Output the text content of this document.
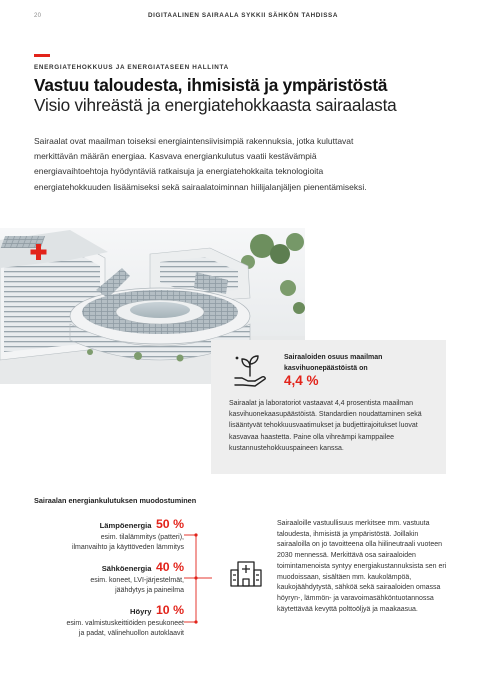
20	DIGITAALINEN SAIRAALA SYKKII SÄHKÖN TAHDISSA
ENERGIATEHOKKUUS JA ENERGIATASEEN HALLINTA
Vastuu taloudesta, ihmisistä ja ympäristöstä
Visio vihreästä ja energiatehokkaasta sairaalasta

Sairaalat ovat maailman toiseksi energiaintensiivisimpiä rakennuksia, jotka kuluttavat merkittävän määrän energiaa. Kasvava energiankulutus vaatii kestävämpiä energiavaihtoehtoja hyödyntäviä ratkaisuja ja energiatehokkaita teknologioita energiatehokkuuden lisäämiseksi sekä sairaalatoiminnan hiilijalanjäljen pienentämiseksi.

Sairaaloiden osuus maailman kasvihuonepäästöistä on
4,4 %
Sairaalat ja laboratoriot vastaavat 4,4 prosentista maailman kasvihuonekaasupäästöistä. Standardien noudattaminen sekä lisääntyvät tehokkuusvaatimukset ja budjettirajoitukset luovat kasvavaa haastetta. Paine olla vihreämpi kamppailee kustannustehokkuuspaineen kanssa.
Sairaalan energiankulutuksen muodostuminen
Lämpöenergia 50 %
esim. tilalämmitys (patteri),
ilmanvaihto ja käyttöveden lämmitys
Sähköenergia 40 %
esim. koneet, LVI-järjestelmät,
jäähdytys ja paineilma
Höyry 10 %
esim. valmistuskeittiöiden pesukoneet
ja padat, välinehuollon autoklaavit
Sairaaloille vastuullisuus merkitsee mm. vastuuta taloudesta, ihmisistä ja ympäristöstä. Joillakin sairaaloilla on jo tavoitteena olla hiilineutraali vuoteen 2030 mennessä. Merkittävä osa sairaaloiden toimintamenoista syntyy energiakustannuksista sen eri muodoissaan, sisältäen mm. kaukolämpöä, kaukojäähdytystä, sähköä sekä sairaaloiden omassa höyryn-, lämmön- ja varavoimasähköntuotannossa käytettävää kevyttä polttoöljyä ja maakaasua.
